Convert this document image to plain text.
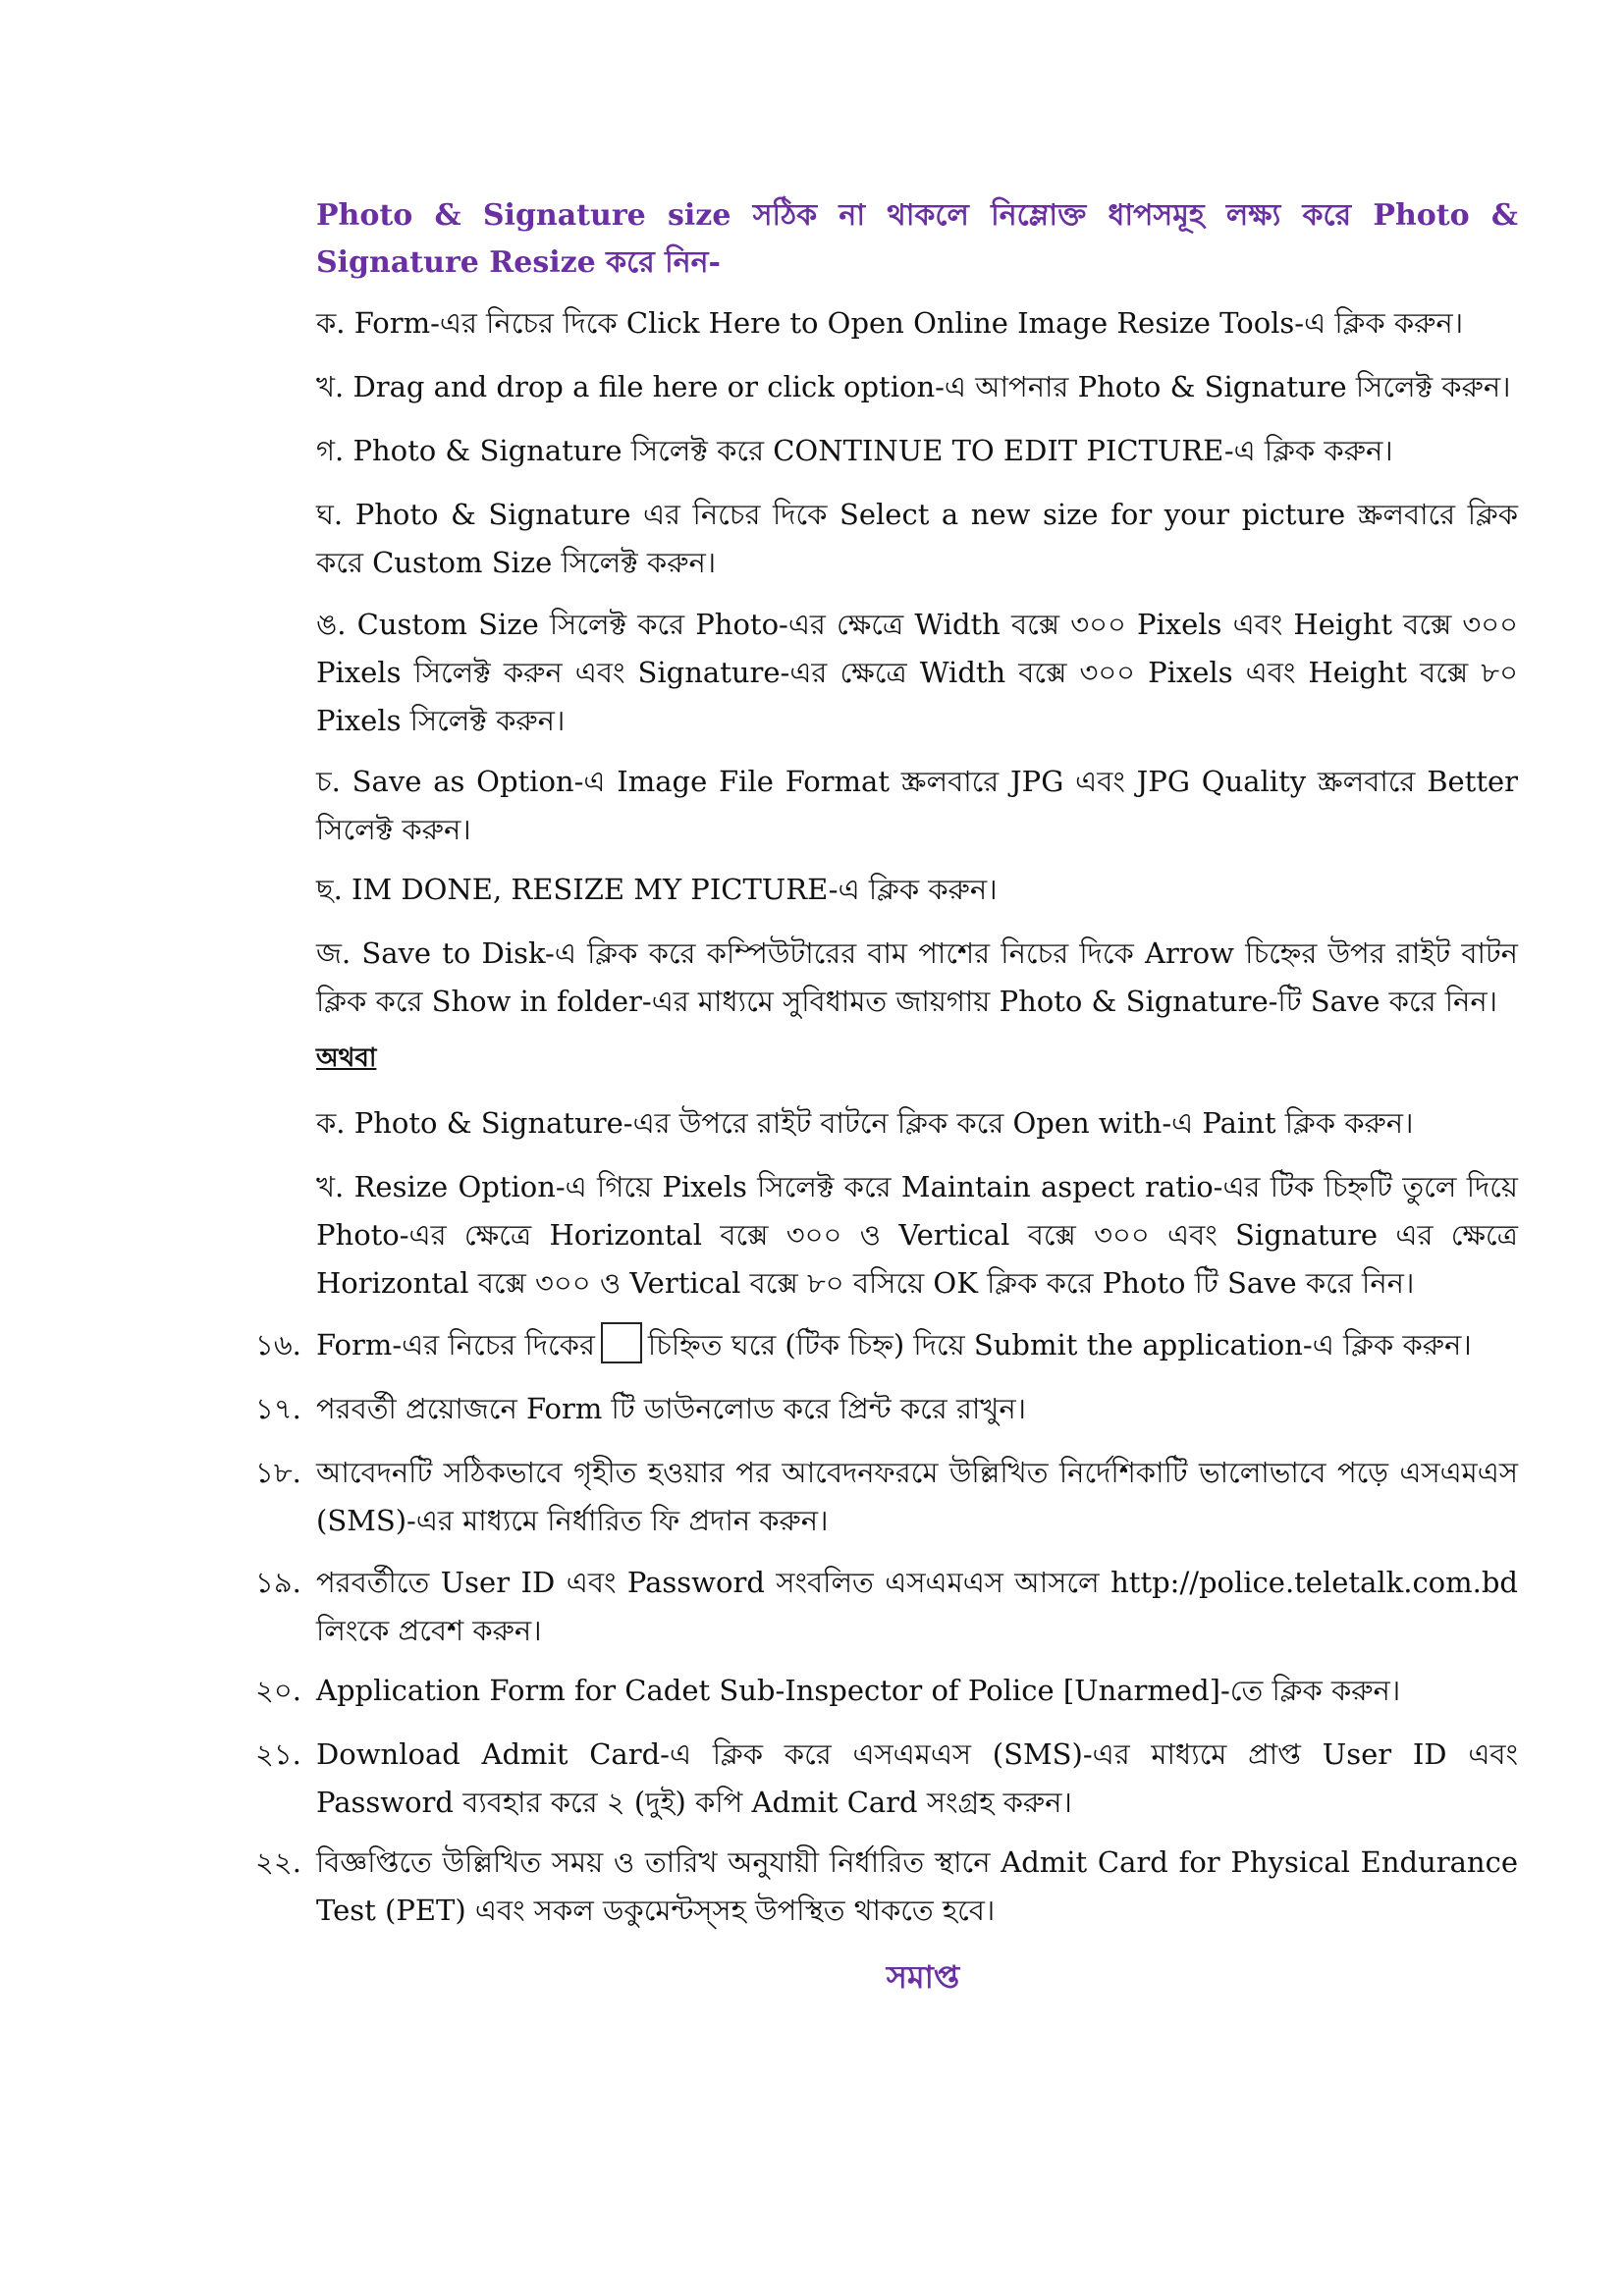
Photo & Signature size সঠিক না থাকলে নিম্লোক্ত ধাপসমূহ লক্ষ্য করে Photo & Signature Resize করে নিন-

ক. Form-এর নিচের দিকে Click Here to Open Online Image Resize Tools-এ ক্লিক করুন।

খ. Drag and drop a file here or click option-এ আপনার Photo & Signature সিলেক্ট করুন।

গ. Photo & Signature সিলেক্ট করে CONTINUE TO EDIT PICTURE-এ ক্লিক করুন।

ঘ. Photo & Signature এর নিচের দিকে Select a new size for your picture স্ক্রলবারে ক্লিক করে Custom Size সিলেক্ট করুন।

ঙ. Custom Size সিলেক্ট করে Photo-এর ক্ষেত্রে Width বক্সে ৩০০ Pixels এবং Height বক্সে ৩০০ Pixels সিলেক্ট করুন এবং Signature-এর ক্ষেত্রে Width বক্সে ৩০০ Pixels এবং Height বক্সে ৮০ Pixels সিলেক্ট করুন।

চ. Save as Option-এ Image File Format স্ক্রলবারে JPG এবং JPG Quality স্ক্রলবারে Better সিলেক্ট করুন।

ছ. IM DONE, RESIZE MY PICTURE-এ ক্লিক করুন।

জ. Save to Disk-এ ক্লিক করে কম্পিউটারের বাম পাশের নিচের দিকে Arrow চিহ্নের উপর রাইট বাটন ক্লিক করে Show in folder-এর মাধ্যমে সুবিধামত জায়গায় Photo & Signature-টি Save করে নিন।

অথবা

ক. Photo & Signature-এর উপরে রাইট বাটনে ক্লিক করে Open with-এ Paint ক্লিক করুন।

খ. Resize Option-এ গিয়ে Pixels সিলেক্ট করে Maintain aspect ratio-এর টিক চিহ্নটি তুলে দিয়ে Photo-এর ক্ষেত্রে Horizontal বক্সে ৩০০ ও Vertical বক্সে ৩০০ এবং Signature এর ক্ষেত্রে Horizontal বক্সে ৩০০ ও Vertical বক্সে ৮০ বসিয়ে OK ক্লিক করে Photo টি Save করে নিন।

১৬. Form-এর নিচের দিকের চিহ্নিত ঘরে (টিক চিহ্ন) দিয়ে Submit the application-এ ক্লিক করুন।
১৭. পরবর্তী প্রয়োজনে Form টি ডাউনলোড করে প্রিন্ট করে রাখুন।
১৮. আবেদনটি সঠিকভাবে গৃহীত হওয়ার পর আবেদনফরমে উল্লিখিত নির্দেশিকাটি ভালোভাবে পড়ে এসএমএস (SMS)-এর মাধ্যমে নির্ধারিত ফি প্রদান করুন।
১৯. পরবর্তীতে User ID এবং Password সংবলিত এসএমএস আসলে http://police.teletalk.com.bd লিংকে প্রবেশ করুন।
২০. Application Form for Cadet Sub-Inspector of Police [Unarmed]-তে ক্লিক করুন।
২১. Download Admit Card-এ ক্লিক করে এসএমএস (SMS)-এর মাধ্যমে প্রাপ্ত User ID এবং Password ব্যবহার করে ২ (দুই) কপি Admit Card সংগ্রহ করুন।
২২. বিজ্ঞপ্তিতে উল্লিখিত সময় ও তারিখ অনুযায়ী নির্ধারিত স্থানে Admit Card for Physical Endurance Test (PET) এবং সকল ডকুমেন্টস্‌সহ উপস্থিত থাকতে হবে।

সমাপ্ত
